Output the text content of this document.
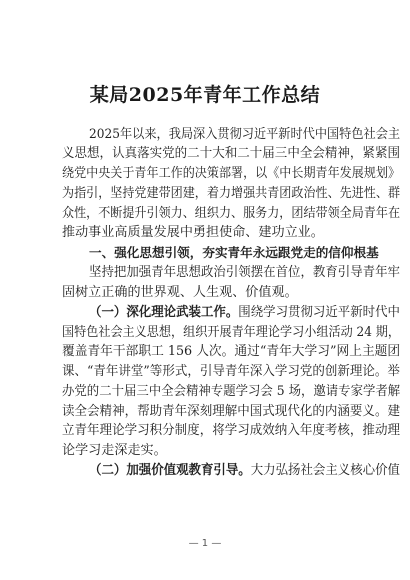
某局2025年青年工作总结
2025年以来，我局深入贯彻习近平新时代中国特色社会主
义思想，认真落实党的二十大和二十届三中全会精神，紧紧围
绕党中央关于青年工作的决策部署，以《中长期青年发展规划》
为指引，坚持党建带团建，着力增强共青团政治性、先进性、群
众性，不断提升引领力、组织力、服务力，团结带领全局青年在
推动事业高质量发展中勇担使命、建功立业。
一、强化思想引领，夯实青年永远跟党走的信仰根基
坚持把加强青年思想政治引领摆在首位，教育引导青年牢
固树立正确的世界观、人生观、价值观。
（一）深化理论武装工作。围绕学习贯彻习近平新时代中
国特色社会主义思想，组织开展青年理论学习小组活动 24 期，
覆盖青年干部职工 156 人次。通过“青年大学习”网上主题团
课、“青年讲堂”等形式，引导青年深入学习党的创新理论。举
办党的二十届三中全会精神专题学习会 5 场，邀请专家学者解
读全会精神，帮助青年深刻理解中国式现代化的内涵要义。建
立青年理论学习积分制度，将学习成效纳入年度考核，推动理
论学习走深走实。
（二）加强价值观教育引导。大力弘扬社会主义核心价值
— 1 —
